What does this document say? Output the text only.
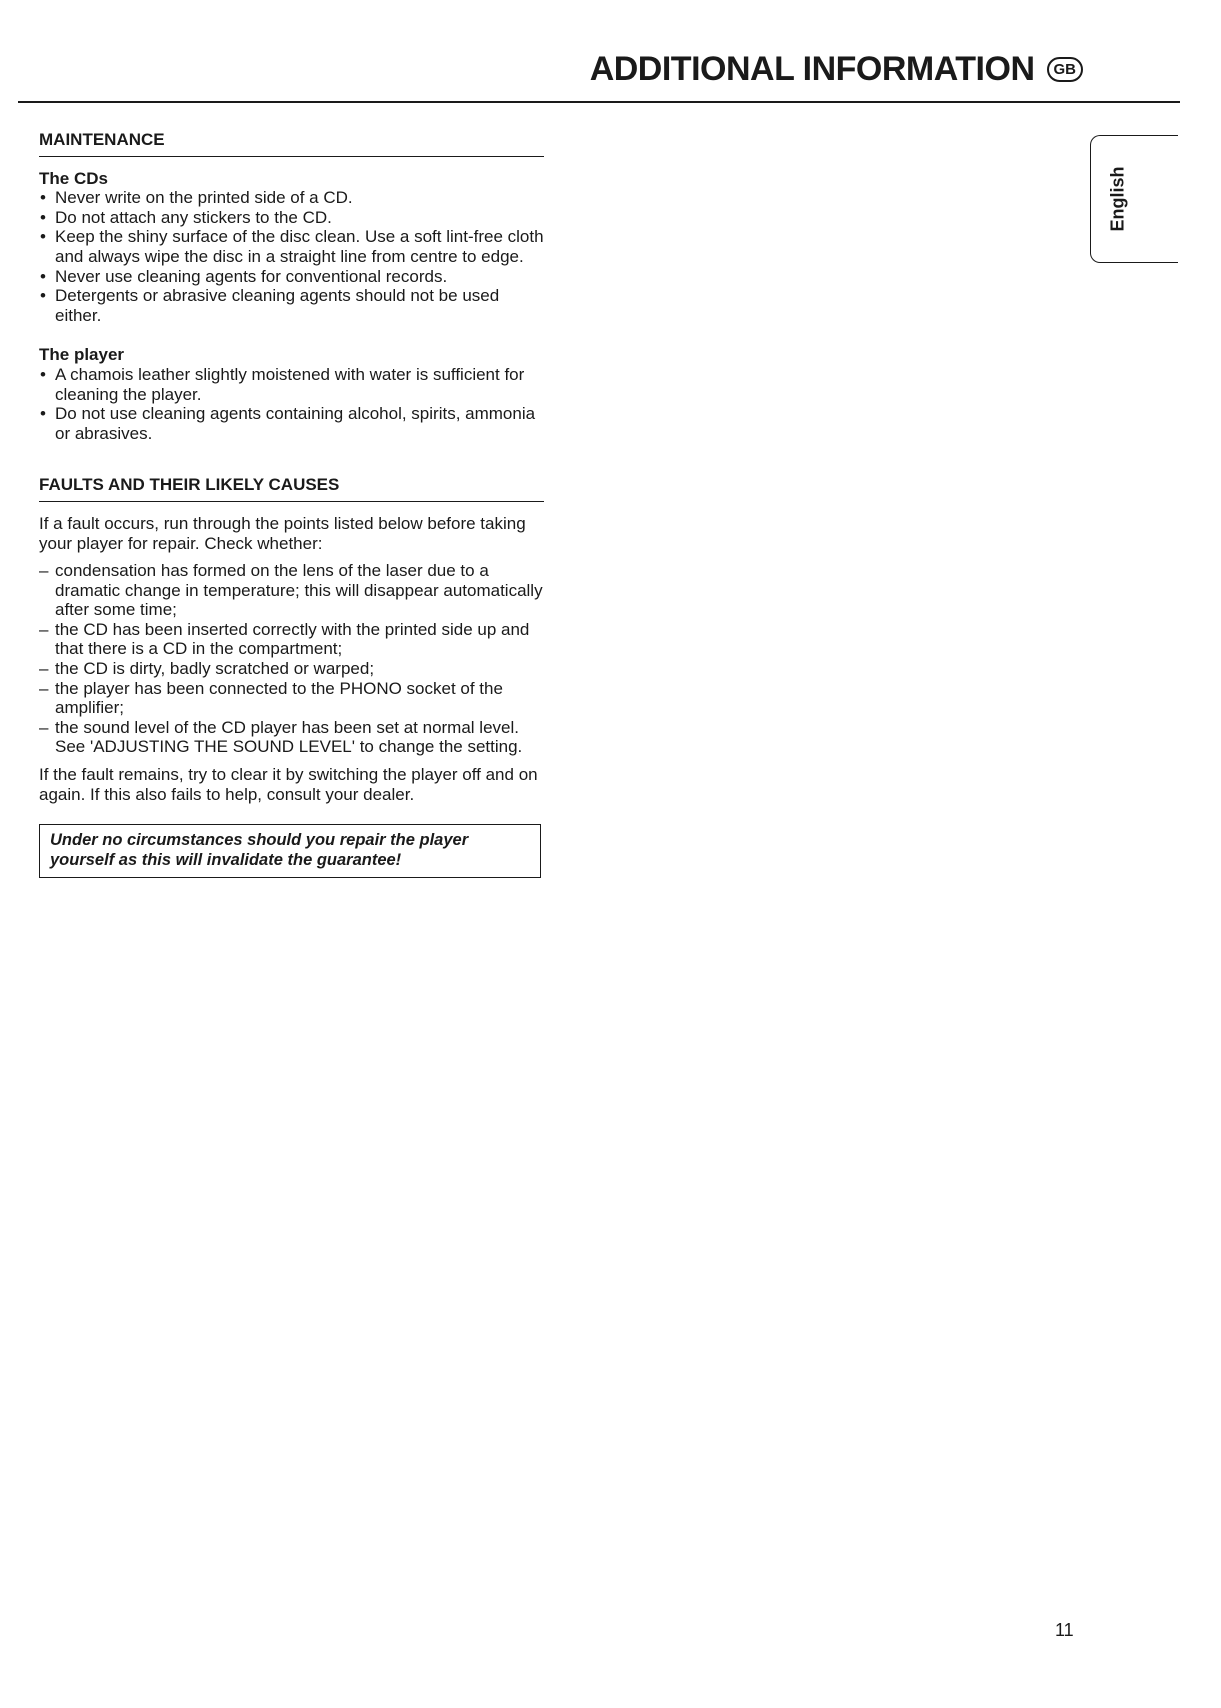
ADDITIONAL INFORMATION	GB
English
MAINTENANCE
The CDs
• Never write on the printed side of a CD.
• Do not attach any stickers to the CD.
• Keep the shiny surface of the disc clean. Use a soft lint-free cloth and always wipe the disc in a straight line from centre to edge.
• Never use cleaning agents for conventional records.
• Detergents or abrasive cleaning agents should not be used either.
The player
• A chamois leather slightly moistened with water is sufficient for cleaning the player.
• Do not use cleaning agents containing alcohol, spirits, ammonia or abrasives.
FAULTS AND THEIR LIKELY CAUSES
If a fault occurs, run through the points listed below before taking your player for repair. Check whether:
– condensation has formed on the lens of the laser due to a dramatic change in temperature; this will disappear automatically after some time;
– the CD has been inserted correctly with the printed side up and that there is a CD in the compartment;
– the CD is dirty, badly scratched or warped;
– the player has been connected to the PHONO socket of the amplifier;
– the sound level of the CD player has been set at normal level. See 'ADJUSTING THE SOUND LEVEL' to change the setting.
If the fault remains, try to clear it by switching the player off and on again. If this also fails to help, consult your dealer.
Under no circumstances should you repair the player yourself as this will invalidate the guarantee!
11
